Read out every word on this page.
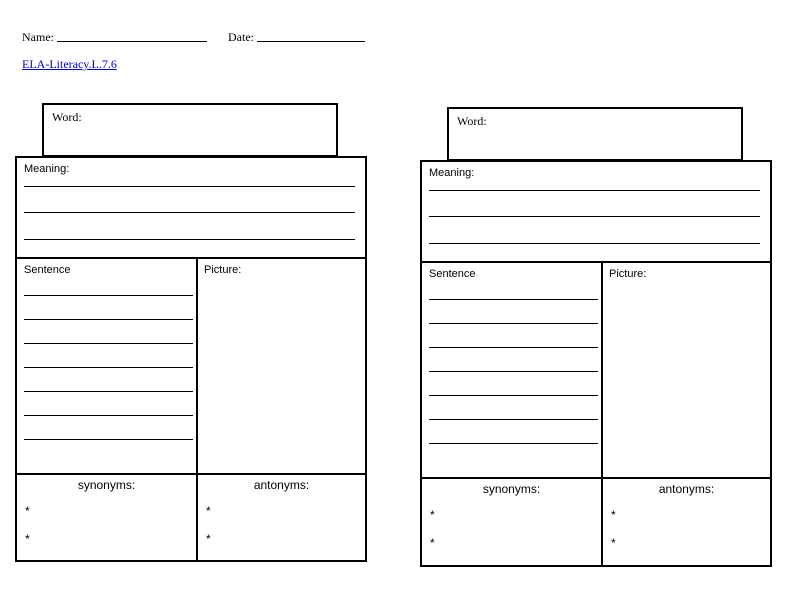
Name:	Date:
ELA-Literacy.L.7.6
Word:
Meaning:
Sentence	Picture:
synonyms:
*
*
antonyms:
*
*
Word:
Meaning:
Sentence	Picture:
synonyms:
*
*
antonyms:
*
*
